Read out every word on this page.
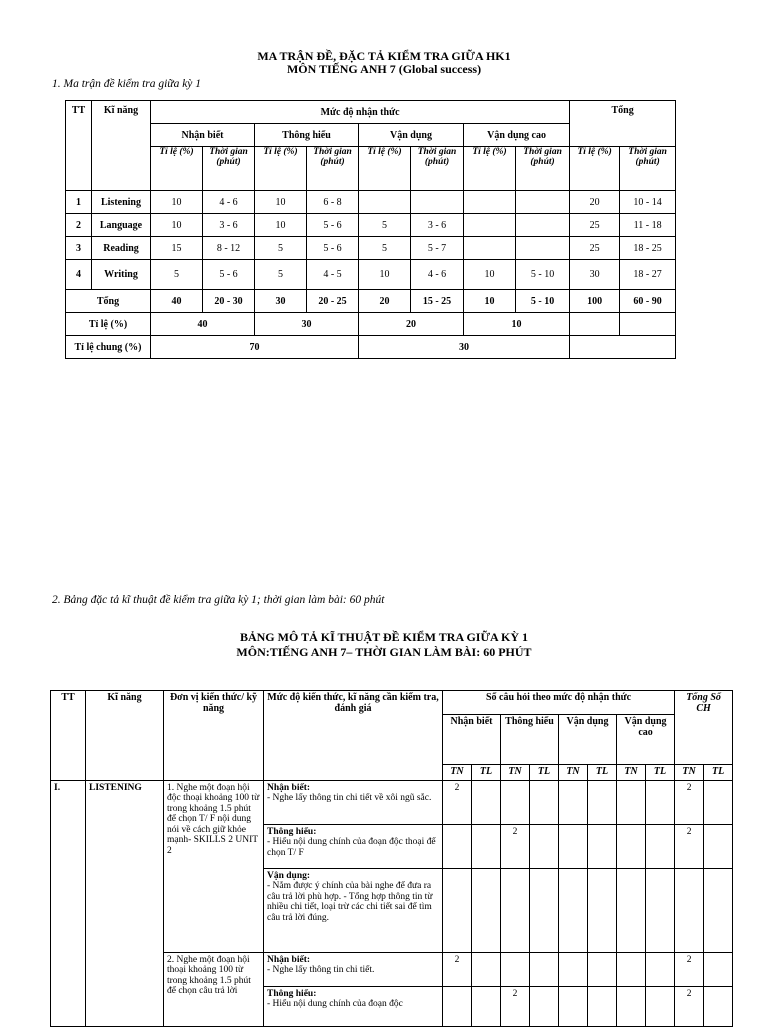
MA TRẬN ĐỀ, ĐẶC TẢ KIỂM TRA GIỮA HK1
MÔN TIẾNG ANH 7 (Global success)
1. Ma trận đề kiểm tra giữa kỳ 1
TT	Kĩ năng	Mức độ nhận thức								Tổng	
		Nhận biết		Thông hiểu		Vận dụng		Vận dụng cao			
		Tỉ lệ (%)	Thời gian (phút)	Tỉ lệ (%)	Thời gian (phút)	Tỉ lệ (%)	Thời gian (phút)	Tỉ lệ (%)	Thời gian (phút)	Tỉ lệ (%)	Thời gian (phút)
1	Listening	10	4 - 6	10	6 - 8					20	10 - 14
2	Language	10	3 - 6	10	5 - 6	5	3 - 6			25	11 - 18
3	Reading	15	8 - 12	5	5 - 6	5	5 - 7			25	18 - 25
4	Writing	5	5 - 6	5	4 - 5	10	4 - 6	10	5 - 10	30	18 - 27
Tổng		40	20 - 30	30	20 - 25	20	15 - 25	10	5 - 10	100	60 - 90
Tỉ lệ (%)		40		30		20		10			
Tỉ lệ chung (%)		70				30					
2. Bảng đặc tả kĩ thuật đề kiểm tra giữa kỳ 1; thời gian làm bài: 60 phút
BẢNG MÔ TẢ KĨ THUẬT ĐỀ KIỂM TRA GIỮA KỲ 1
MÔN:TIẾNG ANH 7– THỜI GIAN LÀM BÀI: 60 PHÚT
TT	Kĩ năng	Đơn vị kiến thức/ kỹ năng	Mức độ kiến thức, kĩ năng cần kiểm tra, đánh giá	Số câu hỏi theo mức độ nhận thức								Tổng Số CH	
				Nhận biết		Thông hiểu		Vận dụng		Vận dụng cao			
				TN	TL	TN	TL	TN	TL	TN	TL	TN	TL
I.	LISTENING	1. Nghe một đoạn hội độc thoại khoảng 100 từ trong khoảng 1.5 phút để chọn T/ F nội dung nói về cách giữ khỏe mạnh- SKILLS 2 UNIT 2	Nhận biết:
- Nghe lấy thông tin chi tiết về xôi ngũ sắc.	2								2	

			Thông hiểu:
- Hiểu nội dung chính của đoạn độc thoại để chọn T/ F			2						2	

			Vận dụng:
- Nắm được ý chính của bài nghe để đưa ra câu trả lời phù hợp. - Tổng hợp thông tin từ nhiều chi tiết, loại trừ các chi tiết sai để tìm câu trả lời đúng.										
		2. Nghe một đoạn hội thoại khoảng 100 từ trong khoảng 1.5 phút để chọn câu trả lời	Nhận biết:
- Nghe lấy thông tin chi tiết.	2								2	

			Thông hiểu:
- Hiểu nội dung chính của đoạn độc			2						2	
